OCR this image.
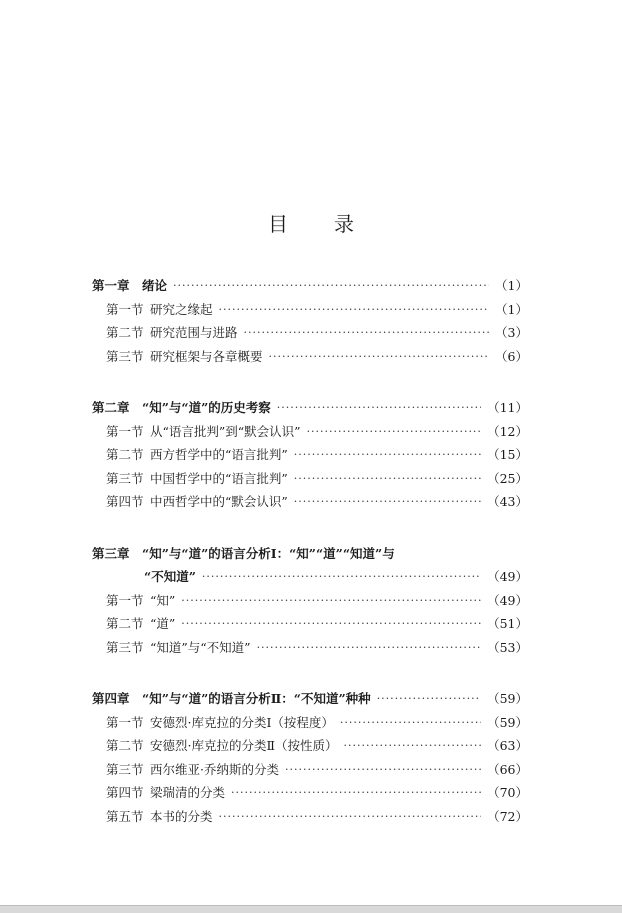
目 录
第一章　绪论 ·····	（1）
第一节 研究之缘起 ·····	（1）
第二节 研究范围与进路 ·····	（3）
第三节 研究框架与各章概要 ·····	（6）
第二章　“知”与“道”的历史考察 ·····	（11）
第一节 从“语言批判”到“默会认识” ·····	（12）
第二节 西方哲学中的“语言批判” ·····	（15）
第三节 中国哲学中的“语言批判” ·····	（25）
第四节 中西哲学中的“默会认识” ·····	（43）
第三章　“知”与“道”的语言分析Ⅰ：“知”“道”“知道”与
“不知道” ·····	（49）
第一节 “知” ·····	（49）
第二节 “道” ·····	（51）
第三节 “知道”与“不知道” ·····	（53）
第四章　“知”与“道”的语言分析Ⅱ：“不知道”种种 ·····	（59）
第一节 安德烈·库克拉的分类Ⅰ（按程度） ·····	（59）
第二节 安德烈·库克拉的分类Ⅱ（按性质） ·····	（63）
第三节 西尔维亚·乔纳斯的分类 ·····	（66）
第四节 梁瑞清的分类 ·····	（70）
第五节 本书的分类 ·····	（72）
